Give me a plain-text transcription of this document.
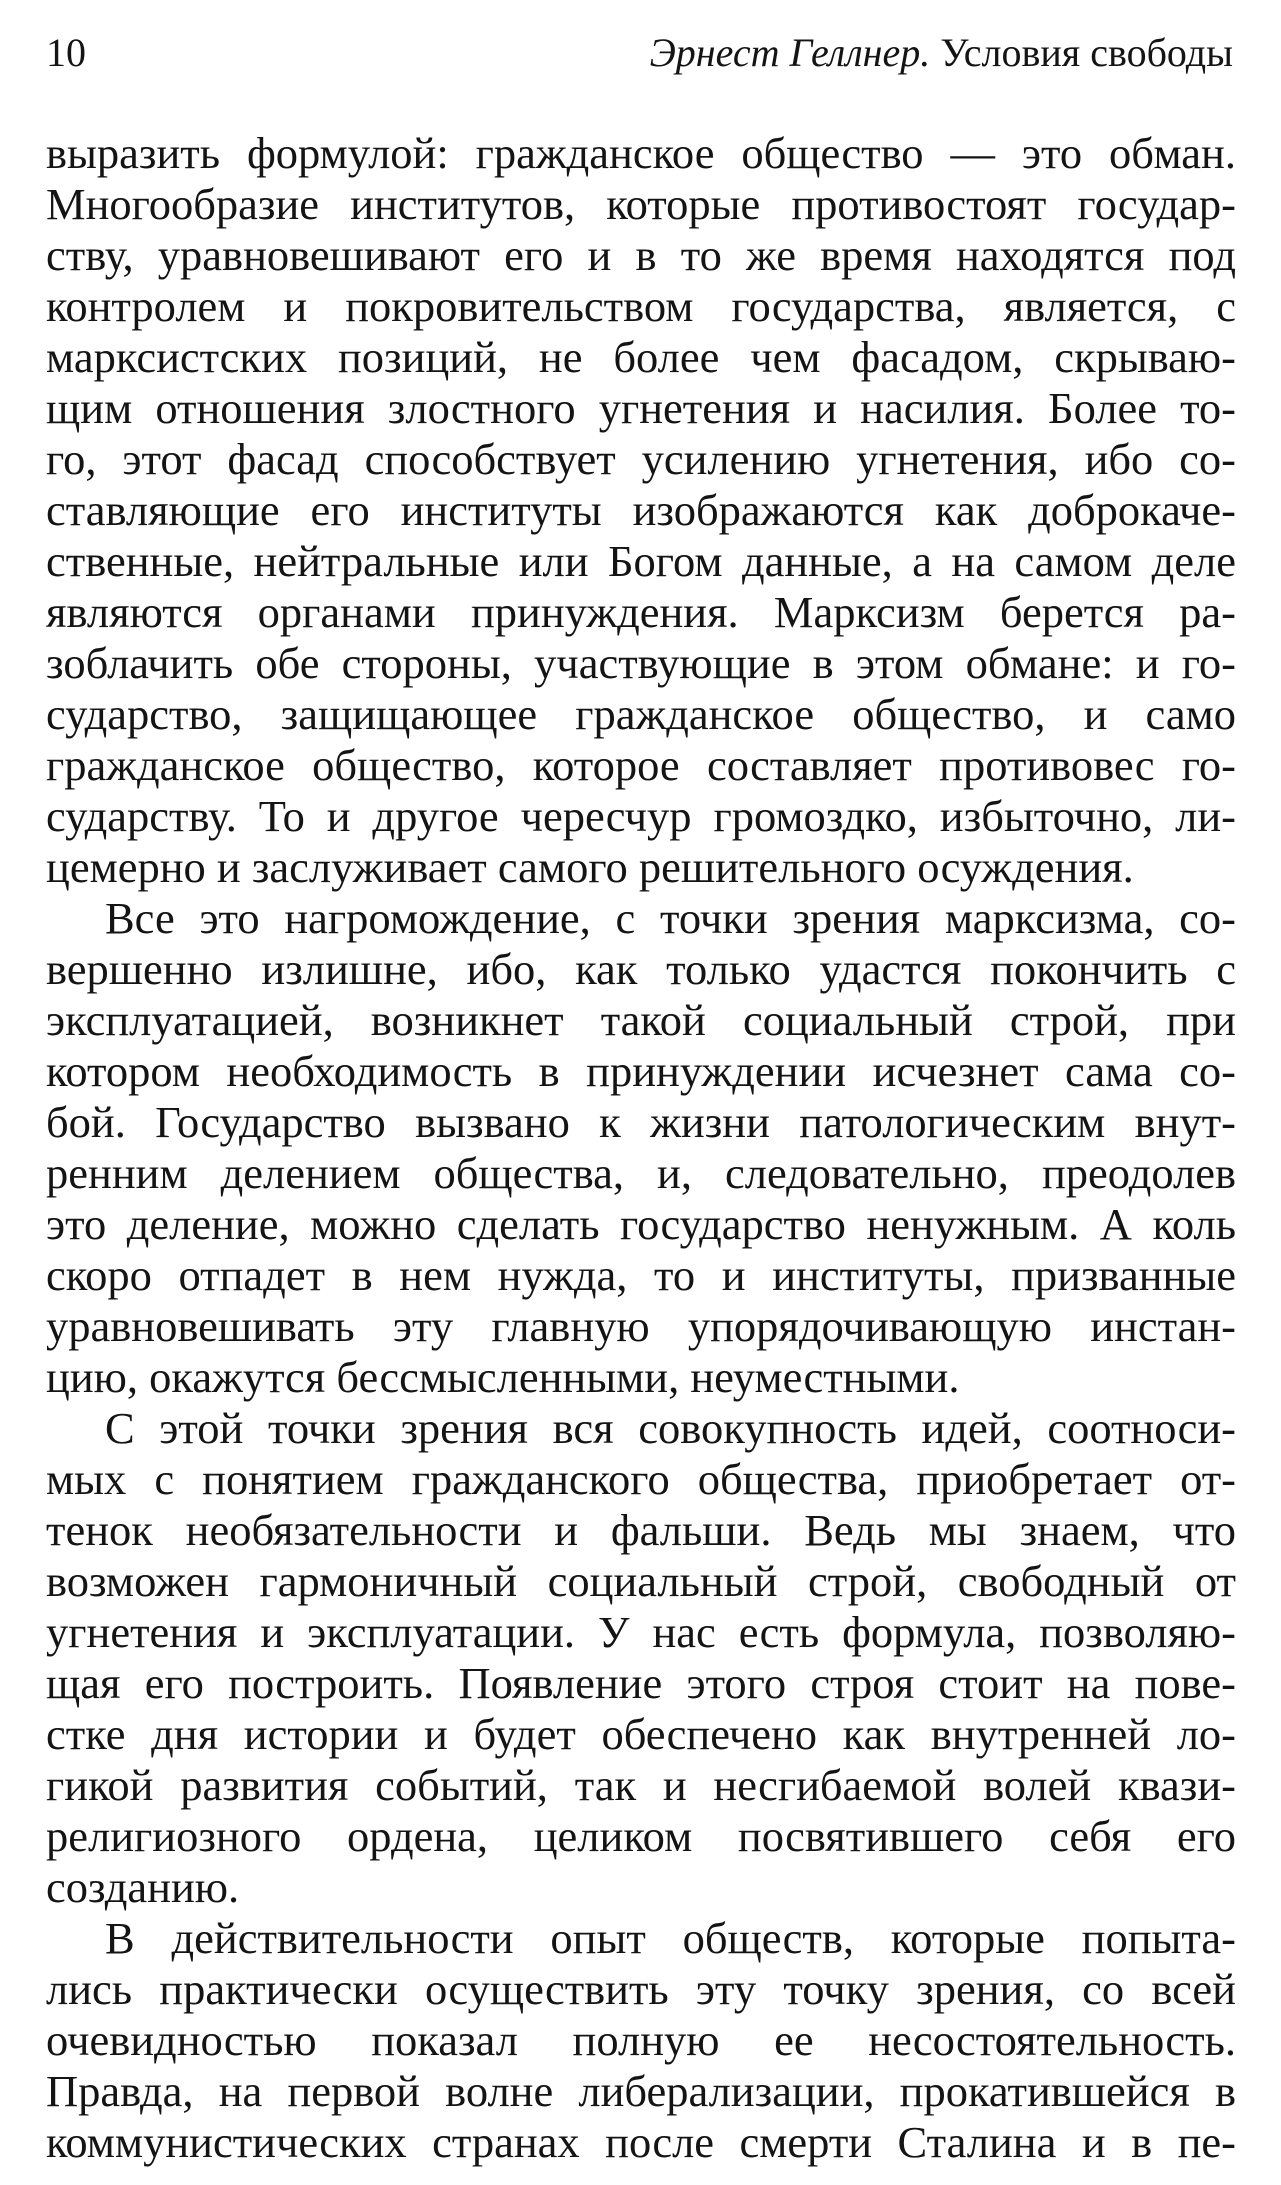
10	Эрнест Геллнер. Условия свободы
выразить формулой: гражданское общество — это обман.
Многообразие институтов, которые противостоят государ-
ству, уравновешивают его и в то же время находятся под
контролем и покровительством государства, является, с
марксистских позиций, не более чем фасадом, скрываю-
щим отношения злостного угнетения и насилия. Более то-
го, этот фасад способствует усилению угнетения, ибо со-
ставляющие его институты изображаются как доброкаче-
ственные, нейтральные или Богом данные, а на самом деле
являются органами принуждения. Марксизм берется ра-
зоблачить обе стороны, участвующие в этом обмане: и го-
сударство, защищающее гражданское общество, и само
гражданское общество, которое составляет противовес го-
сударству. То и другое чересчур громоздко, избыточно, ли-
цемерно и заслуживает самого решительного осуждения.
Все это нагромождение, с точки зрения марксизма, со-
вершенно излишне, ибо, как только удастся покончить с
эксплуатацией, возникнет такой социальный строй, при
котором необходимость в принуждении исчезнет сама со-
бой. Государство вызвано к жизни патологическим внут-
ренним делением общества, и, следовательно, преодолев
это деление, можно сделать государство ненужным. А коль
скоро отпадет в нем нужда, то и институты, призванные
уравновешивать эту главную упорядочивающую инстан-
цию, окажутся бессмысленными, неуместными.
С этой точки зрения вся совокупность идей, соотноси-
мых с понятием гражданского общества, приобретает от-
тенок необязательности и фальши. Ведь мы знаем, что
возможен гармоничный социальный строй, свободный от
угнетения и эксплуатации. У нас есть формула, позволяю-
щая его построить. Появление этого строя стоит на пове-
стке дня истории и будет обеспечено как внутренней ло-
гикой развития событий, так и несгибаемой волей квази-
религиозного ордена, целиком посвятившего себя его
созданию.
В действительности опыт обществ, которые попыта-
лись практически осуществить эту точку зрения, со всей
очевидностью показал полную ее несостоятельность.
Правда, на первой волне либерализации, прокатившейся в
коммунистических странах после смерти Сталина и в пе-
